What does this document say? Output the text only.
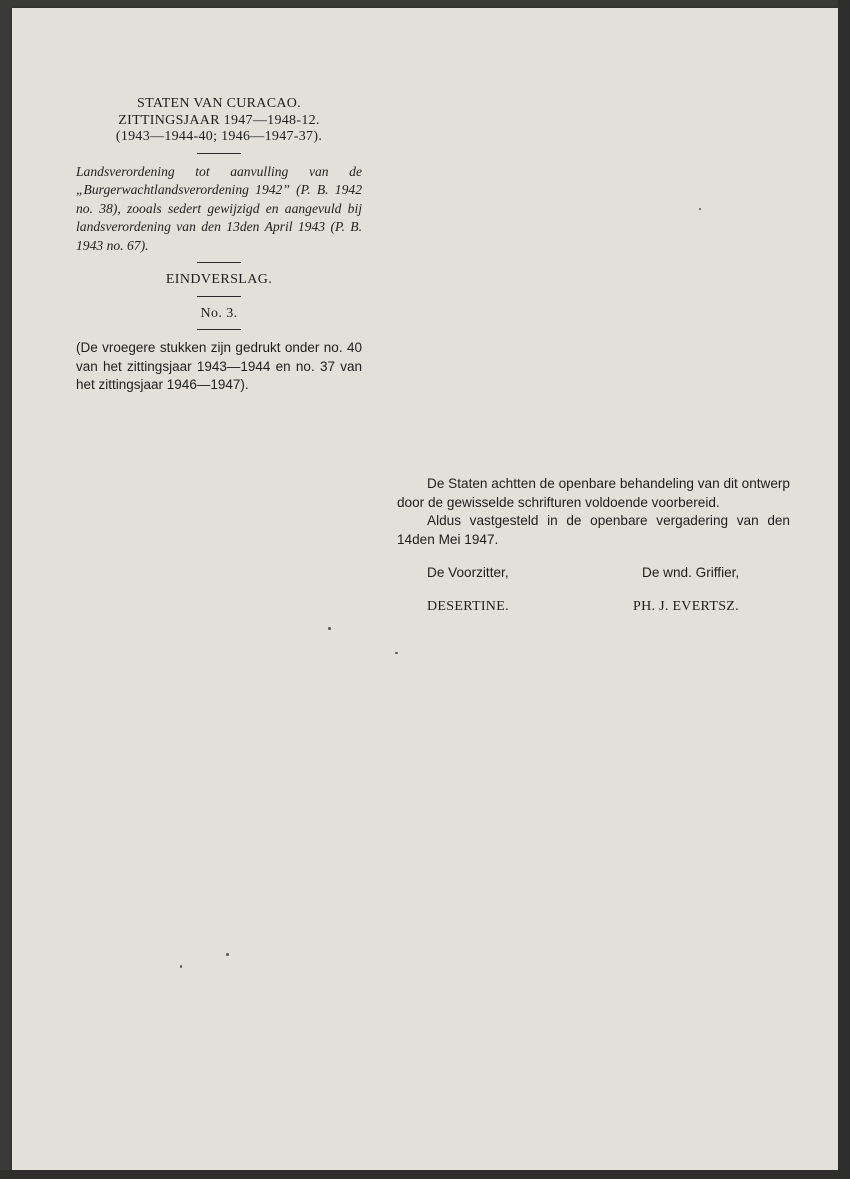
STATEN VAN CURACAO.
ZITTINGSJAAR 1947—1948-12.
(1943—1944-40; 1946—1947-37).
Landsverordening tot aanvulling van de „Burgerwachtlandsverordening 1942” (P. B. 1942 no. 38), zooals sedert gewijzigd en aangevuld bij landsverordening van den 13den April 1943 (P. B. 1943 no. 67).
EINDVERSLAG.
No. 3.
(De vroegere stukken zijn gedrukt onder no. 40 van het zittingsjaar 1943—1944 en no. 37 van het zittingsjaar 1946—1947).

De Staten achtten de openbare behandeling van dit ontwerp door de gewisselde schrifturen voldoende voorbereid.

Aldus vastgesteld in de openbare vergadering van den 14den Mei 1947.

De Voorzitter,	De wnd. Griffier,
DESERTINE.	PH. J. EVERTSZ.
